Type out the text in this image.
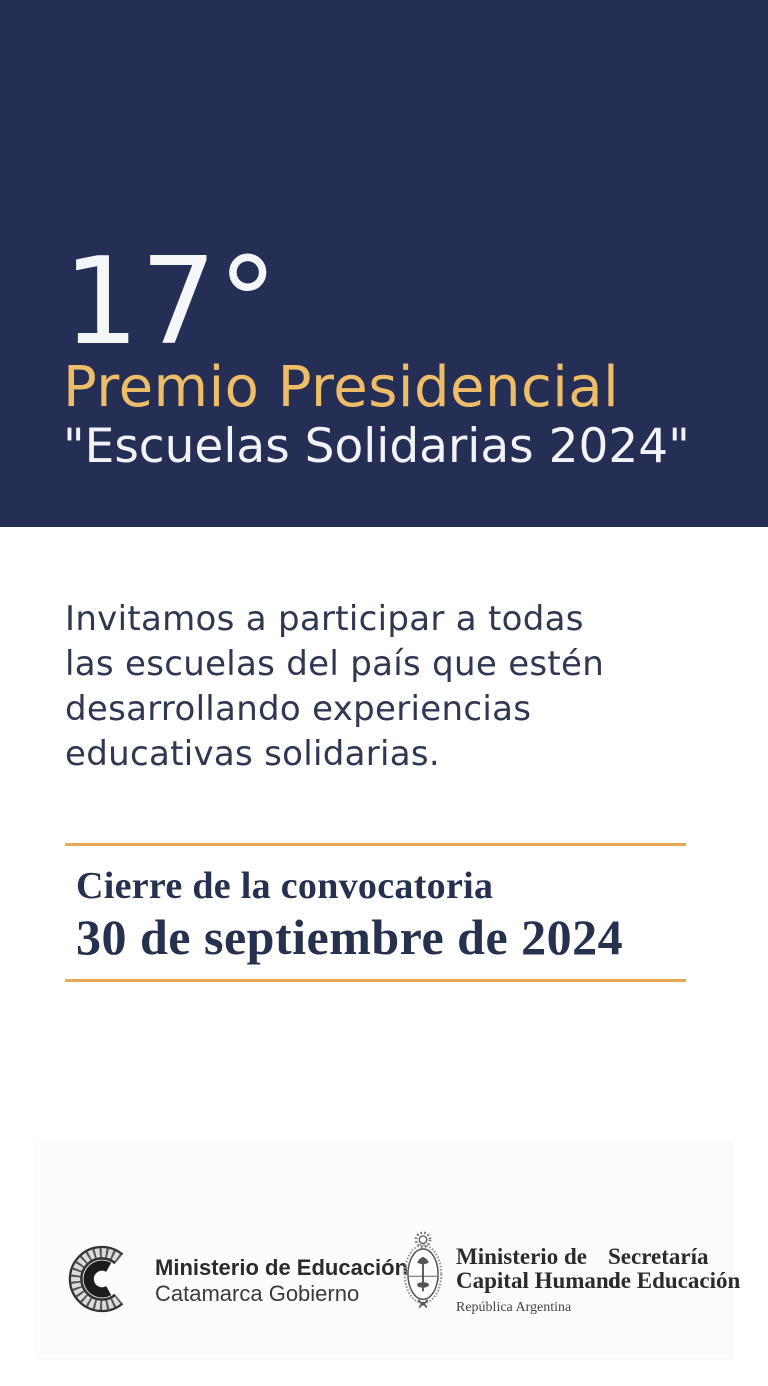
17°
Premio Presidencial
"Escuelas Solidarias 2024"
Invitamos a participar a todas
las escuelas del país que estén
desarrollando experiencias
educativas solidarias.
Cierre de la convocatoria
30 de septiembre de 2024
Ministerio de Educación
Catamarca Gobierno
Ministerio de
Capital Humano
República Argentina
Secretaría
de Educación
